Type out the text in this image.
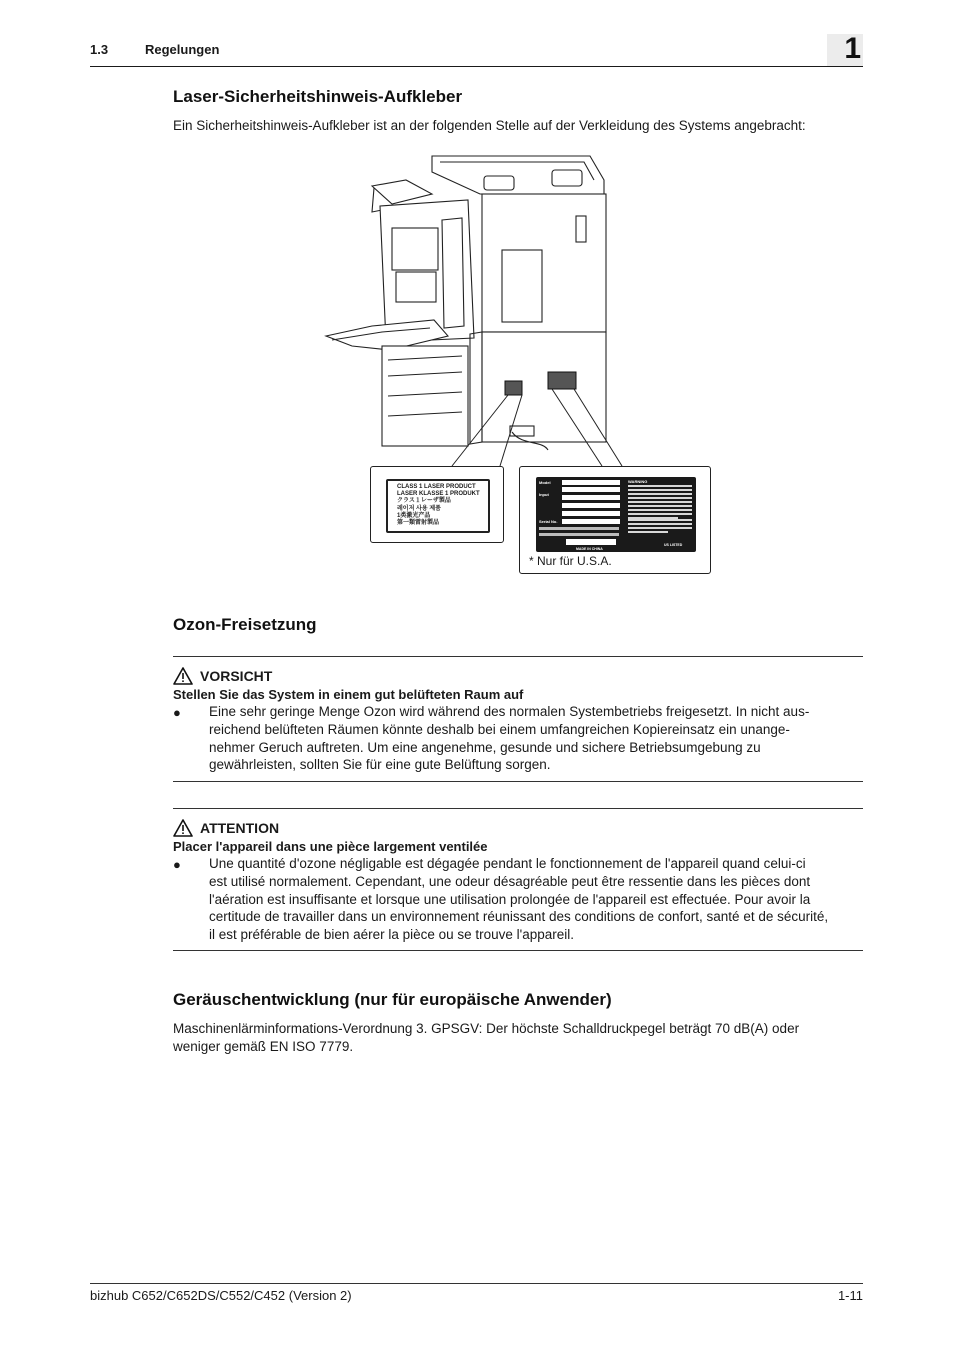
1.3	Regelungen	1
Laser-Sicherheitshinweis-Aufkleber

Ein Sicherheitshinweis-Aufkleber ist an der folgenden Stelle auf der Verkleidung des Systems angebracht:

CLASS 1 LASER PRODUCT
LASER KLASSE 1 PRODUKT
クラス１レーザ製品
레이저 사용 제품
1类激光产品
第一類雷射製品
Model
Input
Serial No.
MADE IN CHINA
WARNING
US LISTED
* Nur für U.S.A.
Ozon-Freisetzung
VORSICHT
Stellen Sie das System in einem gut belüfteten Raum auf
● Eine sehr geringe Menge Ozon wird während des normalen Systembetriebs freigesetzt. In nicht aus-
reichend belüfteten Räumen könnte deshalb bei einem umfangreichen Kopiereinsatz ein unange-
nehmer Geruch auftreten. Um eine angenehme, gesunde und sichere Betriebsumgebung zu
gewährleisten, sollten Sie für eine gute Belüftung sorgen.
ATTENTION
Placer l'appareil dans une pièce largement ventilée
● Une quantité d'ozone négligable est dégagée pendant le fonctionnement de l'appareil quand celui-ci
est utilisé normalement. Cependant, une odeur désagréable peut être ressentie dans les pièces dont
l'aération est insuffisante et lorsque une utilisation prolongée de l'appareil est effectuée. Pour avoir la
certitude de travailler dans un environnement réunissant des conditions de confort, santé et de sécurité,
il est préférable de bien aérer la pièce ou se trouve l'appareil.
Geräuschentwicklung (nur für europäische Anwender)
Maschinenlärminformations-Verordnung 3. GPSGV: Der höchste Schalldruckpegel beträgt 70 dB(A) oder
weniger gemäß EN ISO 7779.
bizhub C652/C652DS/C552/C452 (Version 2)	1-11
